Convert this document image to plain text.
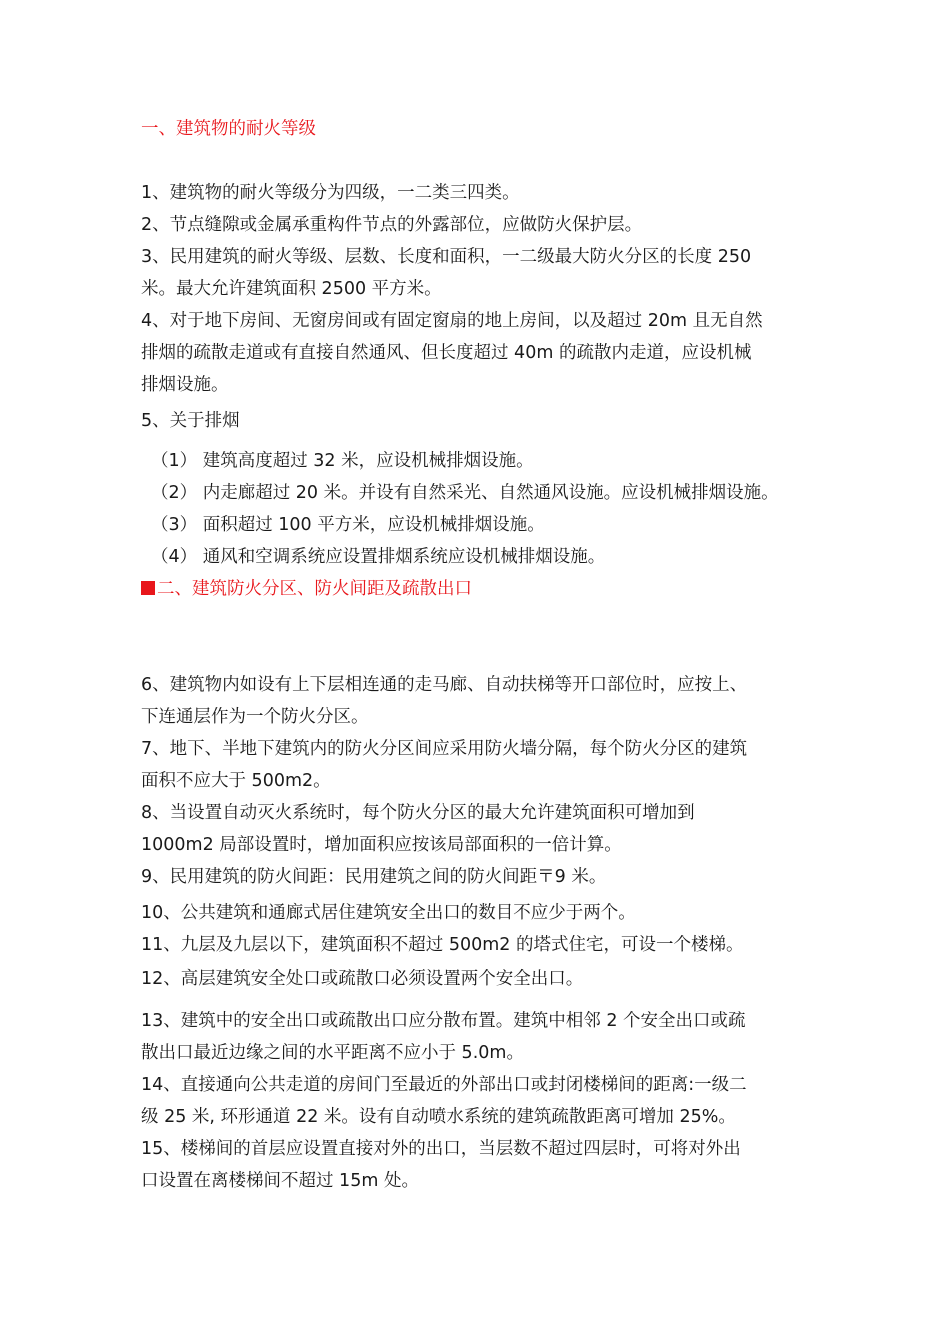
一、建筑物的耐火等级
1、建筑物的耐火等级分为四级，一二类三四类。
2、节点缝隙或金属承重构件节点的外露部位，应做防火保护层。
3、民用建筑的耐火等级、层数、长度和面积，一二级最大防火分区的长度 250
米。最大允许建筑面积 2500 平方米。
4、对于地下房间、无窗房间或有固定窗扇的地上房间，以及超过 20m 且无自然
排烟的疏散走道或有直接自然通风、但长度超过 40m 的疏散内走道，应设机械
排烟设施。
5、关于排烟
（1） 建筑高度超过 32 米，应设机械排烟设施。
（2） 内走廊超过 20 米。并设有自然采光、自然通风设施。应设机械排烟设施。
（3） 面积超过 100 平方米，应设机械排烟设施。
（4） 通风和空调系统应设置排烟系统应设机械排烟设施。
二、建筑防火分区、防火间距及疏散出口
6、建筑物内如设有上下层相连通的走马廊、自动扶梯等开口部位时，应按上、
下连通层作为一个防火分区。
7、地下、半地下建筑内的防火分区间应采用防火墙分隔，每个防火分区的建筑
面积不应大于 500m2。
8、当设置自动灭火系统时，每个防火分区的最大允许建筑面积可增加到
1000m2 局部设置时，增加面积应按该局部面积的一倍计算。
9、民用建筑的防火间距：民用建筑之间的防火间距〒9 米。
10、公共建筑和通廊式居住建筑安全出口的数目不应少于两个。
11、九层及九层以下，建筑面积不超过 500m2 的塔式住宅，可设一个楼梯。
12、高层建筑安全处口或疏散口必须设置两个安全出口。
13、建筑中的安全出口或疏散出口应分散布置。建筑中相邻 2 个安全出口或疏
散出口最近边缘之间的水平距离不应小于 5.0m。
14、直接通向公共走道的房间门至最近的外部出口或封闭楼梯间的距离:一级二
级 25 米, 环形通道 22 米。设有自动喷水系统的建筑疏散距离可增加 25%。
15、楼梯间的首层应设置直接对外的出口，当层数不超过四层时，可将对外出
口设置在离楼梯间不超过 15m 处。
